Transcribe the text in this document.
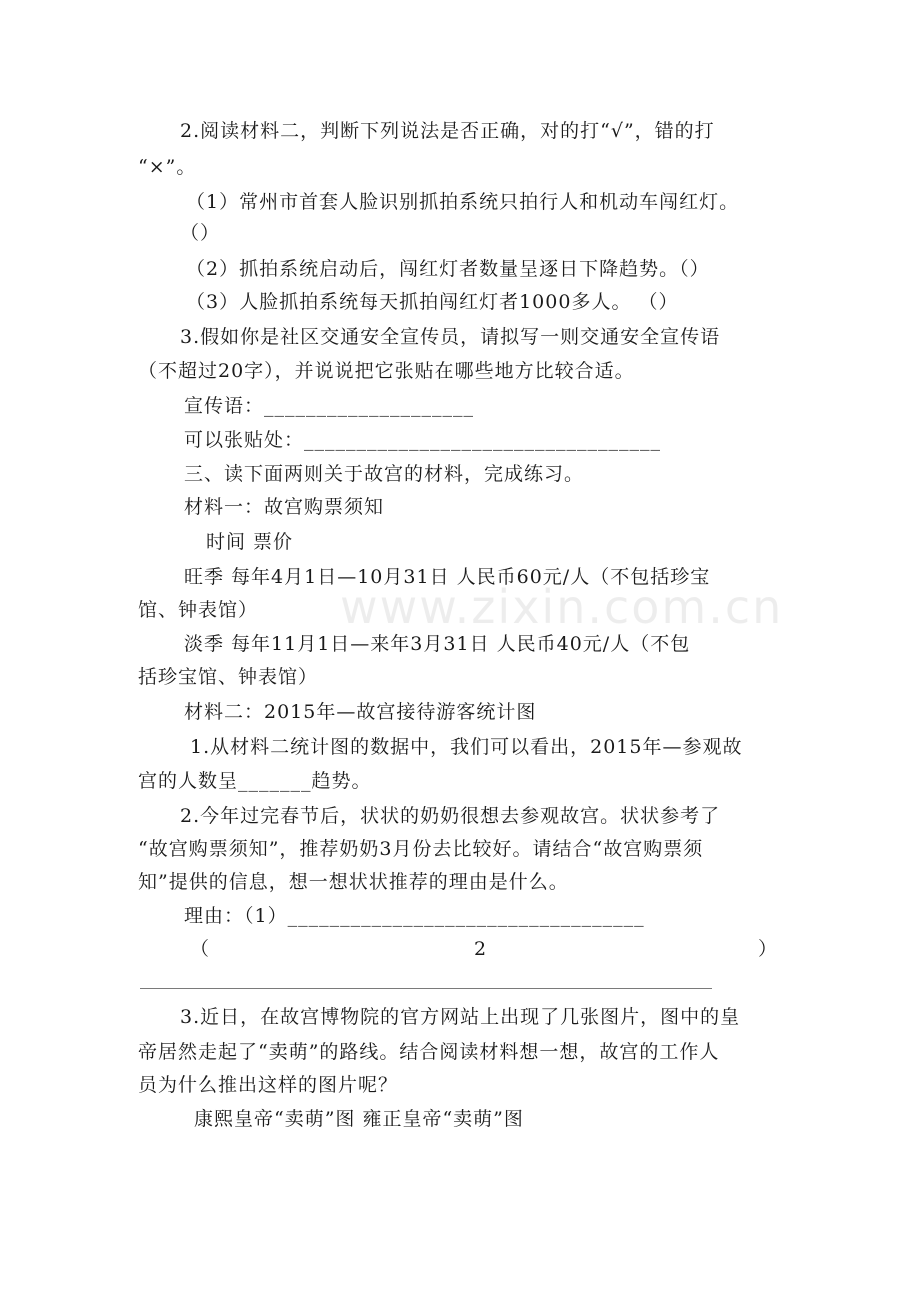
www.zixin.com.cn
2.阅读材料二，判断下列说法是否正确，对的打“√”，错的打
“×”。
（1）常州市首套人脸识别抓拍系统只拍行人和机动车闯红灯。
（）
（2）抓拍系统启动后，闯红灯者数量呈逐日下降趋势。（）
（3）人脸抓拍系统每天抓拍闯红灯者1000多人。 （）
3.假如你是社区交通安全宣传员，请拟写一则交通安全宣传语
（不超过20字），并说说把它张贴在哪些地方比较合适。
宣传语：____________________
可以张贴处：__________________________________
三、读下面两则关于故宫的材料，完成练习。
材料一：故宫购票须知
时间 票价
旺季 每年4月1日—10月31日 人民币60元/人（不包括珍宝
馆、钟表馆）
淡季 每年11月1日—来年3月31日 人民币40元/人（不包
括珍宝馆、钟表馆）
材料二：2015年—故宫接待游客统计图
1.从材料二统计图的数据中，我们可以看出，2015年—参观故
宫的人数呈_______趋势。
2.今年过完春节后，状状的奶奶很想去参观故宫。状状参考了
“故宫购票须知”，推荐奶奶3月份去比较好。请结合“故宫购票须
知”提供的信息，想一想状状推荐的理由是什么。
理由：（1）__________________________________
（	2	）
3.近日，在故宫博物院的官方网站上出现了几张图片，图中的皇
帝居然走起了“卖萌”的路线。结合阅读材料想一想，故宫的工作人
员为什么推出这样的图片呢？
康熙皇帝“卖萌”图 雍正皇帝“卖萌”图
